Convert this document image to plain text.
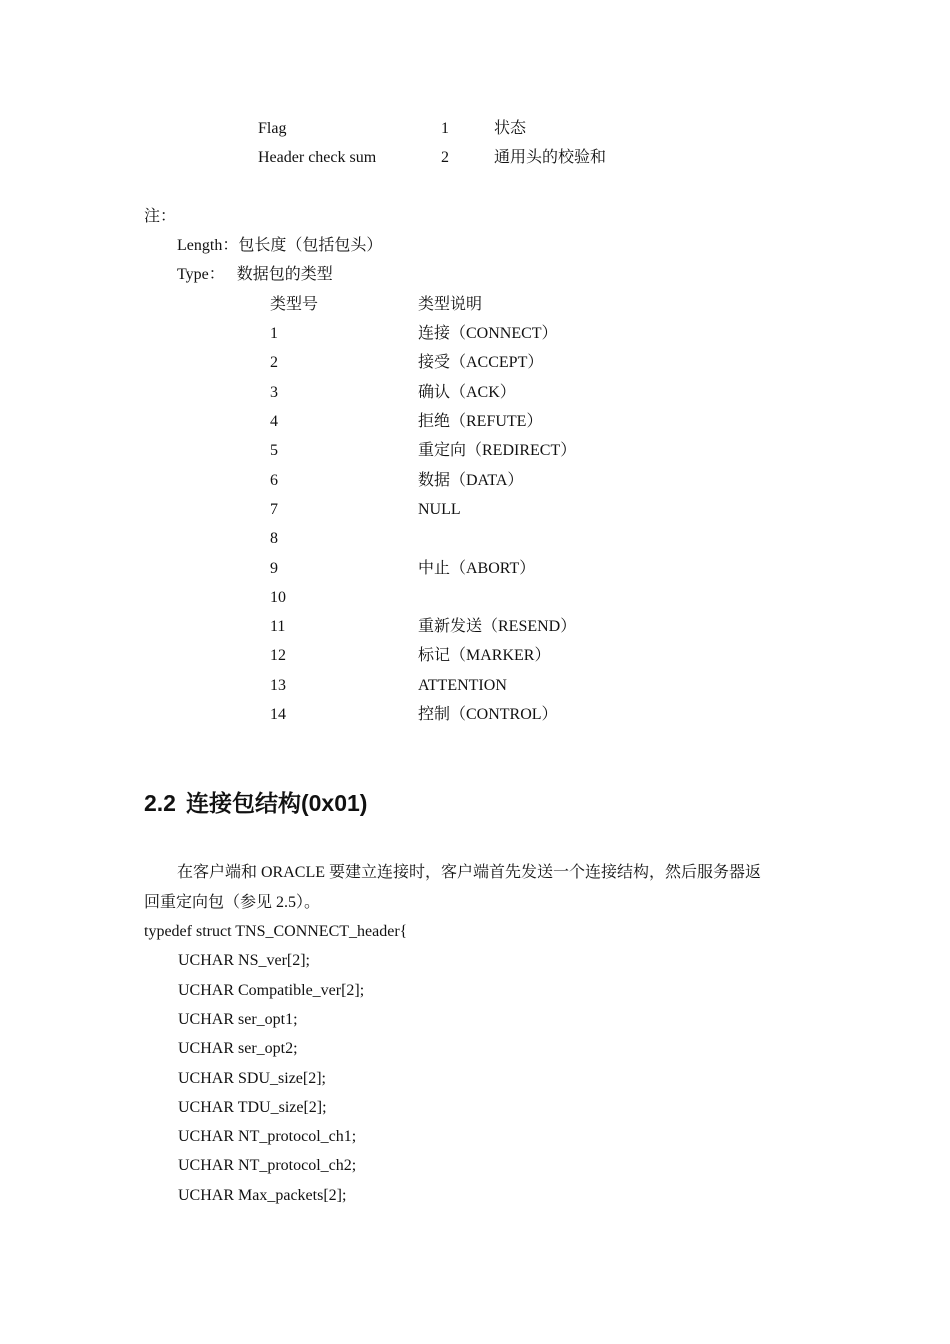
Flag	1	状态
Header check sum	2	通用头的校验和
注：
Length：包长度（包括包头）
Type：   数据包的类型
类型号	类型说明
1	连接（CONNECT）
2	接受（ACCEPT）
3	确认（ACK）
4	拒绝（REFUTE）
5	重定向（REDIRECT）
6	数据（DATA）
7	NULL
8
9	中止（ABORT）
10
11	重新发送（RESEND）
12	标记（MARKER）
13	ATTENTION
14	控制（CONTROL）
2.2 连接包结构(0x01)
在客户端和 ORACLE 要建立连接时，客户端首先发送一个连接结构，然后服务器返
回重定向包（参见 2.5）。
typedef struct TNS_CONNECT_header{
UCHAR NS_ver[2];
UCHAR Compatible_ver[2];
UCHAR ser_opt1;
UCHAR ser_opt2;
UCHAR SDU_size[2];
UCHAR TDU_size[2];
UCHAR NT_protocol_ch1;
UCHAR NT_protocol_ch2;
UCHAR Max_packets[2];
